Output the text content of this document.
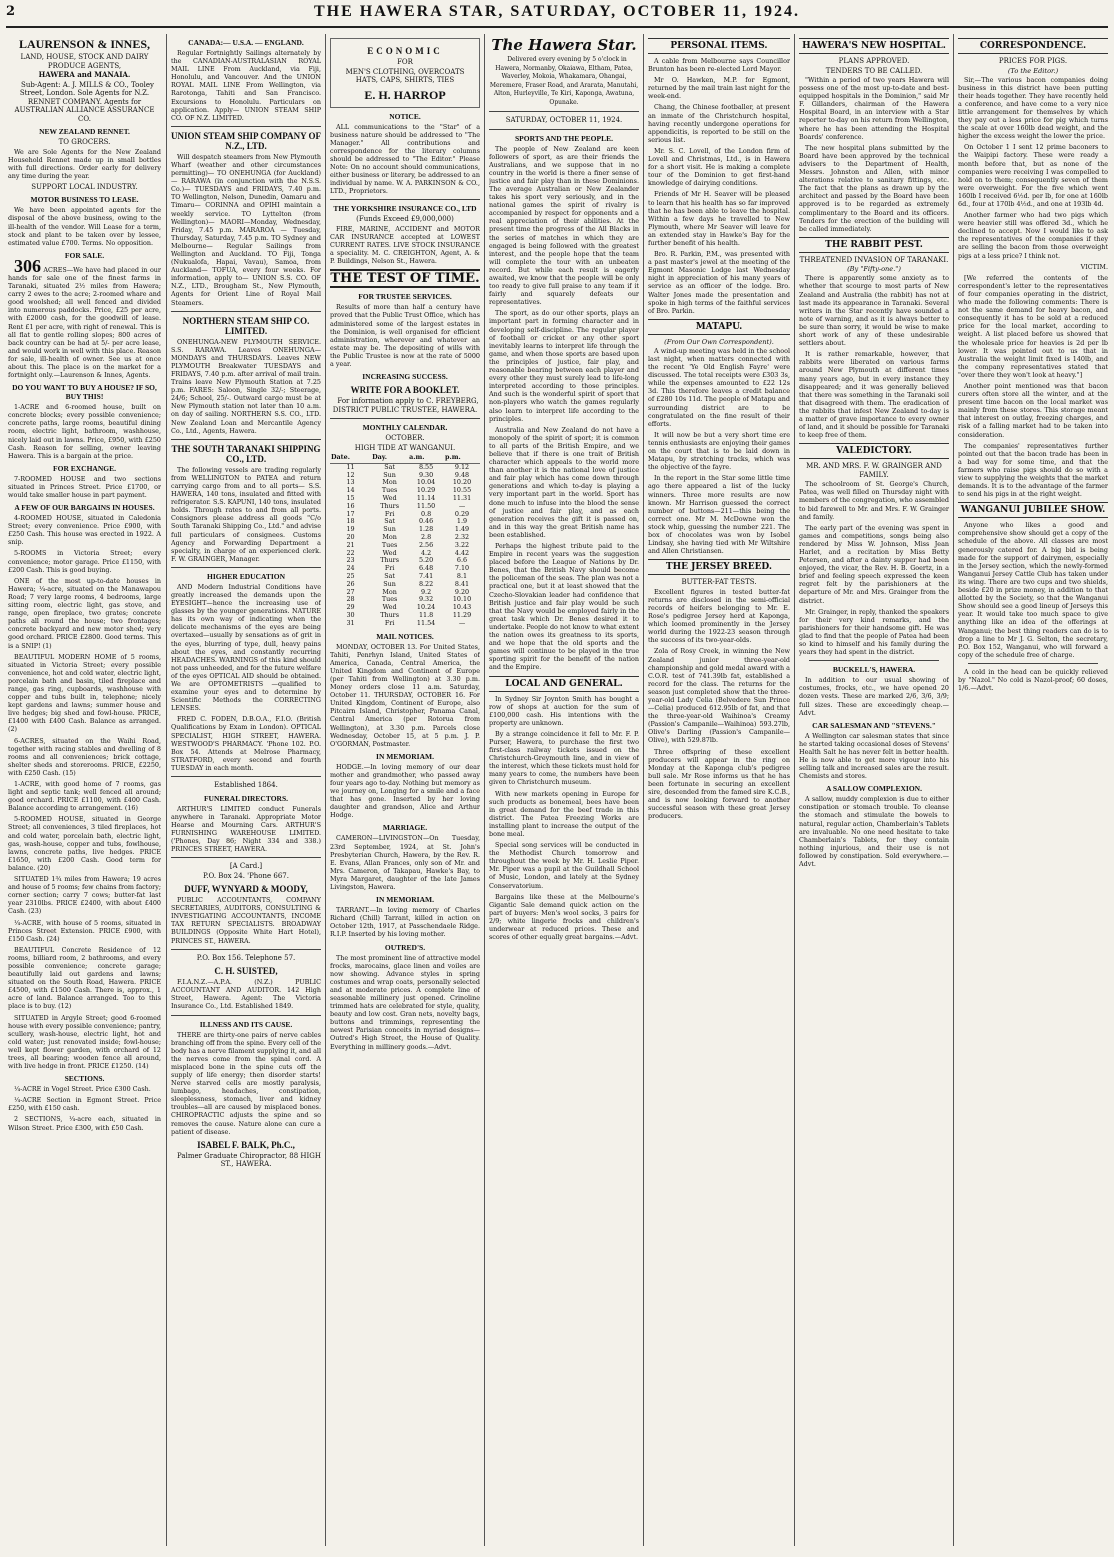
2	THE HAWERA STAR, SATURDAY, OCTOBER 11, 1924.
LAURENSON & INNES,
LAND, HOUSE, STOCK AND DAIRY PRODUCE AGENTS,
HAWERA and MANAIA.

Sub-Agent: A. J. MILLS & CO., Tooley Street, London. Sole Agents for N.Z. RENNET COMPANY. Agents for AUSTRALIAN ALLIANCE ASSURANCE CO.

NEW ZEALAND RENNET.
TO GROCERS.

We are Sole Agents for the New Zealand Household Rennet made up in small bottles with full directions. Order early for delivery any time during the year.

SUPPORT LOCAL INDUSTRY.
MOTOR BUSINESS TO LEASE.

We have been appointed agents for the disposal of the above business, owing to the ill-health of the vendor. Will Lease for a term, stock and plant to be taken over by lessee, estimated value £700. Terms. No opposition.

FOR SALE.

306 ACRES—We have had placed in our hands for sale one of the finest farms in Taranaki, situated 2½ miles from Hawera; carry 2 ewes to the acre; 2-roomed whare and good woolshed; all well fenced and divided into numerous paddocks. Price, £25 per acre, with £2000 cash, for the goodwill of lease. Rent £1 per acre, with right of renewal. This is all flat to gentle rolling slopes; 800 acres of back country can be had at 5/- per acre lease, and would work in well with this place. Reason for sale, ill-health of owner. See us at once about this. The place is on the market for a fortnight only.—Laurenson & Innes, Agents.

DO YOU WANT TO BUY A HOUSE? IF SO, BUY THIS!

1-ACRE and 6-roomed house, built on concrete blocks; every possible convenience; concrete paths, large rooms, beautiful dining room, electric light, bathroom, washhouse, nicely laid out in lawns. Price, £950, with £250 Cash. Reason for selling, owner leaving Hawera. This is a bargain at the price.

FOR EXCHANGE.

7-ROOMED HOUSE and two sections situated in Princes Street. Price £1700, or would take smaller house in part payment.

A FEW OF OUR BARGAINS IN HOUSES.

4-ROOMED HOUSE, situated in Caledonia Street; every convenience. Price £900, with £250 Cash. This house was erected in 1922. A snip.

5-ROOMS in Victoria Street; every convenience; motor garage. Price £1150, with £200 Cash. This is good buying.

ONE of the most up-to-date houses in Hawera; ¼-acre, situated on the Manawapou Road; 7 very large rooms, 4 bedrooms, large sitting room, electric light, gas stove, and range, open fireplace, two grates; concrete paths all round the house; two frontages; concrete backyard and new motor shed; very good orchard. PRICE £2800. Good terms. This is a SNIP! (1)

BEAUTIFUL MODERN HOME of 5 rooms, situated in Victoria Street; every possible convenience, hot and cold water, electric light, porcelain bath and basin, tiled fireplace and range, gas ring, cupboards, washhouse with copper and tubs built in, telephone; nicely kept gardens and lawns; summer house and live hedges; big shed and fowl-house. PRICE, £1400 with £400 Cash. Balance as arranged. (2)

6-ACRES, situated on the Waihi Road, together with racing stables and dwelling of 8 rooms and all conveniences; brick cottage, shelter sheds and storerooms. PRICE, £2250, with £250 Cash. (15)

1-ACRE, with good home of 7 rooms, gas light and septic tank; well fenced all around; good orchard. PRICE £1100, with £400 Cash. Balance according to arrangement. (16)

5-ROOMED HOUSE, situated in George Street; all conveniences, 3 tiled fireplaces, hot and cold water, porcelain bath, electric light, gas, wash-house, copper and tubs, fowlhouse, lawns, concrete paths, live hedges. PRICE £1650, with £200 Cash. Good term for balance. (20)

SITUATED 1¾ miles from Hawera; 19 acres and house of 5 rooms; few chains from factory; corner section; carry 7 cows; butter-fat last year 2310lbs. PRICE £2400, with about £400 Cash. (23)

¼-ACRE, with house of 5 rooms, situated in Princes Street Extension. PRICE £900, with £150 Cash. (24)

BEAUTIFUL Concrete Residence of 12 rooms, billiard room, 2 bathrooms, and every possible convenience; concrete garage; beautifully laid out gardens and lawns; situated on the South Road, Hawera. PRICE £4500, with £1500 Cash. There is, approx., 1 acre of land. Balance arranged. Too to this place is to buy. (12)

SITUATED in Argyle Street; good 6-roomed house with every possible convenience; pantry, scullery, wash-house, electric light, hot and cold water; just renovated inside; fowl-house; well kept flower garden, with orchard of 12 trees, all bearing; wooden fence all around, with live hedge in front. PRICE £1250. (14)

SECTIONS.

¼-ACRE in Vogel Street. Price £300 Cash.

¼-ACRE Section in Egmont Street. Price £250, with £150 cash.

2 SECTIONS, ¼-acre each, situated in Wilson Street. Price £300, with £50 Cash.

CANADA:— U.S.A. — ENGLAND.

Regular Fortnightly Sailings alternately by the CANADIAN-AUSTRALASIAN ROYAL MAIL LINE From Auckland, via Fiji, Honolulu, and Vancouver. And the UNION ROYAL MAIL LINE From Wellington, via Rarotonga, Tahiti and San Francisco. Excursions to Honolulu. Particulars on application. Apply— UNION STEAM SHIP CO. OF N.Z. LIMITED.

UNION STEAM SHIP COMPANY OF N.Z., LTD.

Will despatch steamers from New Plymouth Wharf (weather and other circumstances permitting)— TO ONEHUNGA (for Auckland)— RARAWA (in conjunction with the N.S.S. Co.)— TUESDAYS and FRIDAYS, 7.40 p.m. TO Wellington, Nelson, Dunedin, Oamaru and Timaru— CORINNA and OPIHI maintain a weekly service. TO Lyttelton (from Wellington)— MAORI—Monday, Wednesday, Friday, 7.45 p.m. MARAROA — Tuesday, Thursday, Saturday, 7.45 p.m. TO Sydney and Melbourne— Regular Sailings from Wellington and Auckland. TO Fiji, Tonga (Nukualofa, Hapai, Vavau), Samoa, from Auckland— TOFUA, every four weeks. For information, apply to— UNION S.S. CO. OF N.Z., LTD., Brougham St., New Plymouth, Agents for Orient Line of Royal Mail Steamers.

NORTHERN STEAM SHIP CO. LIMITED.

ONEHUNGA-NEW PLYMOUTH SERVICE. S.S. RARAWA. Leaves ONEHUNGA— MONDAYS and THURSDAYS. Leaves NEW PLYMOUTH Breakwater TUESDAYS and FRIDAYS, 7.40 p.m. after arrival of mail train. Trains leave New Plymouth Station at 7.25 p.m. FARES: Saloon, Single 32/-; Steerage, 24/6; School, 25/-. Outward cargo must be at New Plymouth station not later than 10 a.m. on day of sailing. NORTHERN S.S. CO., LTD. New Zealand Loan and Mercantile Agency Co., Ltd., Agents, Hawera.

THE SOUTH TARANAKI SHIPPING CO., LTD.

The following vessels are trading regularly from WELLINGTON to PATEA and return carrying cargo from and to all ports— S.S. HAWERA, 140 tons, insulated and fitted with refrigerator. S.S. KAPUNI, 140 tons, insulated holds. Through rates to and from all ports. Consignors please address all goods "C/o South Taranaki Shipping Co., Ltd." and advise full particulars of consignees. Customs Agency and Forwarding Department a specialty, in charge of an experienced clerk. F. W. GRAINGER, Manager.

HIGHER EDUCATION

AND Modern Industrial Conditions have greatly increased the demands upon the EYESIGHT—hence the increasing use of glasses by the younger generations. NATURE has its own way of indicating when the delicate mechanisms of the eyes are being overtaxed—usually by sensations as of grit in the eyes, blurring of type, dull, heavy pains about the eyes, and constantly recurring HEADACHES. WARNINGS of this kind should not pass unheeded, and for the future welfare of the eyes OPTICAL AID should be obtained. We are OPTOMETRISTS —qualified to examine your eyes and to determine by Scientific Methods the CORRECTING LENSES.

FRED C. FODEN, D.B.O.A., F.I.O. (British Qualifications by Exam in London). OPTICAL SPECIALIST, HIGH STREET, HAWERA. WESTWOOD'S PHARMACY. 'Phone 102. P.O. Box 54. Attends at Melrose Pharmacy, STRATFORD, every second and fourth TUESDAY in each month.

Established 1864.
FUNERAL DIRECTORS.

ARTHUR'S LIMITED conduct Funerals anywhere in Taranaki. Appropriate Motor Hearse and Mourning Cars. ARTHUR'S FURNISHING WAREHOUSE LIMITED. ('Phones, Day 86; Night 334 and 338.) PRINCES STREET, HAWERA.

[A Card.]
P.O. Box 24. 'Phone 667.
DUFF, WYNYARD & MOODY,

PUBLIC ACCOUNTANTS, COMPANY SECRETARIES, AUDITORS, CONSULTING & INVESTIGATING ACCOUNTANTS, INCOME TAX RETURN SPECIALISTS. BROADWAY BUILDINGS (Opposite White Hart Hotel), PRINCES ST., HAWERA.

P.O. Box 156. Telephone 57.
C. H. SUISTED,

F.I.A.N.Z.—A.P.A. (N.Z.) PUBLIC ACCOUNTANT AND AUDITOR. 142 High Street, Hawera. Agent: The Victoria Insurance Co., Ltd. Established 1849.

ILLNESS AND ITS CAUSE.

THERE are thirty-one pairs of nerve cables branching off from the spine. Every cell of the body has a nerve filament supplying it, and all the nerves come from the spinal cord. A misplaced bone in the spine cuts off the supply of life energy; then disorder starts! Nerve starved cells are mostly paralysis, lumbago, headaches, constipation, sleeplessness, stomach, liver and kidney troubles—all are caused by misplaced bones. CHIROPRACTIC adjusts the spine and so removes the cause. Nature alone can cure a patient of disease.

ISABEL F. BALK, Ph.C.,

Palmer Graduate Chiropractor, 88 HIGH ST., HAWERA.

ECONOMIC
FOR
MEN'S CLOTHING, OVERCOATS HATS, CAPS, SHIRTS, TIES
E. H. HARROP
NOTICE.

ALL communications to the "Star" of a business nature should be addressed to "The Manager." All contributions and correspondence for the literary columns should be addressed to "The Editor." Please Note: On no account should communications, either business or literary, be addressed to an individual by name. W. A. PARKINSON & CO., LTD., Proprietors.

THE YORKSHIRE INSURANCE CO., LTD
(Funds Exceed £9,000,000)

FIRE, MARINE, ACCIDENT and MOTOR CAR INSURANCE accepted at LOWEST CURRENT RATES. LIVE STOCK INSURANCE a speciality. M. C. CREIGHTON, Agent, A. & P. Buildings, Nelson St., Hawera.

THE TEST OF TIME.
FOR TRUSTEE SERVICES.

Results of more than half a century have proved that the Public Trust Office, which has administered some of the largest estates in the Dominion, is well organised for efficient administration, wherever and whatever an estate may be. The depositing of wills with the Public Trustee is now at the rate of 5000 a year.

INCREASING SUCCESS.
WRITE FOR A BOOKLET.

For information apply to C. FREYBERG, DISTRICT PUBLIC TRUSTEE, HAWERA.

MONTHLY CALENDAR.
OCTOBER.
HIGH TIDE AT WANGANUI.
Date.	Day.	a.m.	p.m.
11	Sat	8.55	9.12
12	Sun	9.30	9.48
13	Mon	10.04	10.20
14	Tues	10.29	10.55
15	Wed	11.14	11.31
16	Thurs	11.50	—
17	Fri	0.8	0.29
18	Sat	0.46	1.9
19	Sun	1.28	1.49
20	Mon	2.8	2.32
21	Tues	2.56	3.22
22	Wed	4.2	4.42
23	Thurs	5.20	6.6
24	Fri	6.48	7.10
25	Sat	7.41	8.1
26	Sun	8.22	8.41
27	Mon	9.2	9.20
28	Tues	9.32	10.10
29	Wed	10.24	10.43
30	Thurs	11.8	11.29
31	Fri	11.54	—
MAIL NOTICES.

MONDAY, OCTOBER 13. For United States, Tahiti, Penrhyn Island, United States of America, Canada, Central America, the United Kingdom and Continent of Europe (per Tahiti from Wellington) at 3.30 p.m. Money orders close 11 a.m. Saturday, October 11. THURSDAY, OCTOBER 16. For United Kingdom, Continent of Europe, also Pitcairn Island, Christopher, Panama Canal, Central America (per Rotorua from Wellington), at 3.30 p.m. Parcels close Wednesday, October 15, at 5 p.m. J. P. O'GORMAN, Postmaster.

IN MEMORIAM.

HODGE.—In loving memory of our dear mother and grandmother, who passed away four years ago to-day. Nothing but memory as we journey on, Longing for a smile and a face that has gone. Inserted by her loving daughter and grandson, Alice and Arthur Hodge.

MARRIAGE.

CAMERON—LIVINGSTON—On Tuesday, 23rd September, 1924, at St. John's Presbyterian Church, Hawera, by the Rev. R. E. Evans, Allan Frances, only son of Mr. and Mrs. Cameron, of Takapau, Hawke's Bay, to Myra Margaret, daughter of the late James Livingston, Hawera.

IN MEMORIAM.

TARRANT.—In loving memory of Charles Richard (Chill) Tarrant, killed in action on October 12th, 1917, at Passchendaele Ridge. R.I.P. Inserted by his loving mother.

OUTRED'S.

The most prominent line of attractive model frocks, marocains, glace linen and voiles are now showing. Advance styles in spring costumes and wrap coats, personally selected and at moderate prices. A complete line of seasonable millinery just opened. Crinoline trimmed hats are celebrated for style, quality, beauty and low cost. Gran nets, novelty bags, buttons and trimmings, representing the newest Parisian conceits in myriad designs—Outred's High Street, the House of Quality. Everything in millinery goods.—Advt.

The Hawera Star.

Delivered every evening by 5 o'clock in Hawera, Normanby, Okaiawa, Eltham, Patea, Waverley, Mokoia, Whakamara, Ohangai, Meremere, Fraser Road, and Ararata, Manutahi, Alton, Hurleyville, Te Kiri, Kaponga, Awatuna, Opunake.

SATURDAY, OCTOBER 11, 1924.
SPORTS AND THE PEOPLE.

The people of New Zealand are keen followers of sport, as are their friends the Australians, and we suppose that in no country in the world is there a finer sense of justice and fair play than in these Dominions. The average Australian or New Zealander takes his sport very seriously, and in the national games the spirit of rivalry is accompanied by respect for opponents and a real appreciation of their abilities. At the present time the progress of the All Blacks in the series of matches in which they are engaged is being followed with the greatest interest, and the people hope that the team will complete the tour with an unbeaten record. But while each result is eagerly awaited, we know that the people will be only too ready to give full praise to any team if it fairly and squarely defeats our representatives.

The sport, as do our other sports, plays an important part in forming character and in developing self-discipline. The regular player of football or cricket or any other sport inevitably learns to interpret life through the game, and when those sports are based upon the principles of justice, fair play, and reasonable bearing between each player and every other they must surely lead to life-long interpreted according to those principles. And such is the wonderful spirit of sport that non-players who watch the games regularly also learn to interpret life according to the principles.

Australia and New Zealand do not have a monopoly of the spirit of sport; it is common to all parts of the British Empire, and we believe that if there is one trait of British character which appeals to the world more than another it is the national love of justice and fair play which has come down through generations and which to-day is playing a very important part in the world. Sport has done much to infuse into the blood the sense of justice and fair play, and as each generation receives the gift it is passed on, and in this way the great British name has been established.

Perhaps the highest tribute paid to the Empire in recent years was the suggestion placed before the League of Nations by Dr. Benes, that the British Navy should become the policeman of the seas. The plan was not a practical one, but it at least showed that the Czecho-Slovakian leader had confidence that British justice and fair play would be such that the Navy would be employed fairly in the great task which Dr. Benes desired it to undertake. People do not know to what extent the nation owes its greatness to its sports, and we hope that the old sports and the games will continue to be played in the true sporting spirit for the benefit of the nation and the Empire.

LOCAL AND GENERAL.

In Sydney Sir Joynton Smith has bought a row of shops at auction for the sum of £100,000 cash. His intentions with the property are unknown.

By a strange coincidence it fell to Mr. F. P. Purser, Hawera, to purchase the first two first-class railway tickets issued on the Christchurch-Greymouth line, and in view of the interest, which these tickets must hold for many years to come, the numbers have been given to Christchurch museum.

With new markets opening in Europe for such products as bonemeal, bees have been in great demand for the beef trade in this district. The Patea Freezing Works are installing plant to increase the output of the bone meal.

Special song services will be conducted in the Methodist Church tomorrow and throughout the week by Mr. H. Leslie Piper. Mr. Piper was a pupil at the Guildhall School of Music, London, and lately at the Sydney Conservatorium.

Bargains like these at the Melbourne's Gigantic Sale demand quick action on the part of buyers: Men's wool socks, 3 pairs for 2/9; white lingerie frocks and children's underwear at reduced prices. These and scores of other equally great bargains.—Advt.

PERSONAL ITEMS.

A cable from Melbourne says Councillor Brunton has been re-elected Lord Mayor.

Mr O. Hawken, M.P. for Egmont, returned by the mail train last night for the week-end.

Chang, the Chinese footballer, at present an inmate of the Christchurch hospital, having recently undergone operations for appendicitis, is reported to be still on the serious list.

Mr. S. C. Lovell, of the London firm of Lovell and Christmas, Ltd., is in Hawera for a short visit. He is making a complete tour of the Dominion to get first-hand knowledge of dairying conditions.

Friends of Mr H. Seaver will be pleased to learn that his health has so far improved that he has been able to leave the hospital. Within a few days he travelled to New Plymouth, where Mr Seaver will leave for an extended stay in Hawke's Bay for the further benefit of his health.

Bro. R. Parkin, P.M., was presented with a past master's jewel at the meeting of the Egmont Masonic Lodge last Wednesday night in appreciation of his many years of service as an officer of the lodge. Bro. Walter Jones made the presentation and spoke in high terms of the faithful services of Bro. Parkin.

MATAPU.
(From Our Own Correspondent).

A wind-up meeting was held in the school last night, when matters connected with the recent 'Ye Old English Fayre' were discussed. The total receipts were £303 3s, while the expenses amounted to £22 12s 3d. This therefore leaves a credit balance of £280 10s 11d. The people of Matapu and surrounding district are to be congratulated on the fine result of their efforts.

It will now be but a very short time ere tennis enthusiasts are enjoying their games on the court that is to be laid down in Matapu, by stretching tracks, which was the objective of the fayre.

In the report in the Star some little time ago there appeared a list of the lucky winners. Three more results are now known. Mr Harrison guessed the correct number of buttons—211—this being the correct one. Mr M. McDowne won the stock whip, guessing the number 221. The box of chocolates was won by Isobel Lindsay, she having tied with Mr Wiltshire and Allen Christiansen.

THE JERSEY BREED.
BUTTER-FAT TESTS.

Excellent figures in tested butter-fat returns are disclosed in the semi-official records of heifers belonging to Mr. E. Rose's pedigree Jersey herd at Kaponga, which loomed prominently in the Jersey world during the 1922-23 season through the success of its two-year-olds.

Zola of Rosy Creek, in winning the New Zealand junior three-year-old championship and gold medal award with a C.O.R. test of 741.39lb fat, established a record for the class. The returns for the season just completed show that the three-year-old Lady Celia (Belvedere Sun Prince—Celia) produced 612.95lb of fat, and that the three-year-old Waihinoa's Creamy (Passion's Campanile—Waihinoa) 593.27lb, Olive's Darling (Passion's Campanile—Olive), with 529.87lb.

Three offspring of these excellent producers will appear in the ring on Monday at the Kaponga club's pedigree bull sale. Mr Rose informs us that he has been fortunate in securing an excellent sire, descended from the famed sire K.C.B., and is now looking forward to another successful season with these great Jersey producers.

HAWERA'S NEW HOSPITAL.
PLANS APPROVED.
TENDERS TO BE CALLED.

"Within a period of two years Hawera will possess one of the most up-to-date and best-equipped hospitals in the Dominion," said Mr F. Gillanders, chairman of the Hawera Hospital Board, in an interview with a Star reporter to-day on his return from Wellington, where he has been attending the Hospital Boards' conference.

The new hospital plans submitted by the Board have been approved by the technical advisers to the Department of Health, Messrs. Johnston and Allen, with minor alterations relative to sanitary fittings, etc. The fact that the plans as drawn up by the architect and passed by the Board have been approved is to be regarded as extremely complimentary to the Board and its officers. Tenders for the erection of the building will be called immediately.

THE RABBIT PEST.
THREATENED INVASION OF TARANAKI.
(By "Fifty-one.")

There is apparently some anxiety as to whether that scourge to most parts of New Zealand and Australia (the rabbit) has not at last made its appearance in Taranaki. Several writers in the Star recently have sounded a note of warning, and as it is always better to be sure than sorry, it would be wise to make short work of any of these undesirable settlers about.

It is rather remarkable, however, that rabbits were liberated on various farms around New Plymouth at different times many years ago, but in every instance they disappeared; and it was generally believed that there was something in the Taranaki soil that disagreed with them. The eradication of the rabbits that infest New Zealand to-day is a matter of grave importance to every owner of land, and it should be possible for Taranaki to keep free of them.

VALEDICTORY.
MR. AND MRS. F. W. GRAINGER AND FAMILY.

The schoolroom of St. George's Church, Patea, was well filled on Thursday night with members of the congregation, who assembled to bid farewell to Mr. and Mrs. F. W. Grainger and family.

The early part of the evening was spent in games and competitions, songs being also rendered by Miss W. Johnson, Miss Jean Harlet, and a recitation by Miss Betty Petersen, and after a dainty supper had been enjoyed, the vicar, the Rev. H. B. Goertz, in a brief and feeling speech expressed the keen regret felt by the parishioners at the departure of Mr. and Mrs. Grainger from the district.

Mr. Grainger, in reply, thanked the speakers for their very kind remarks, and the parishioners for their handsome gift. He was glad to find that the people of Patea had been so kind to himself and his family during the years they had spent in the district.

BUCKELL'S, HAWERA.

In addition to our usual showing of costumes, frocks, etc., we have opened 20 dozen vests. These are marked 2/6, 3/6, 3/9; full sizes. These are exceedingly cheap.—Advt.

CAR SALESMAN AND "STEVENS."

A Wellington car salesman states that since he started taking occasional doses of Stevens' Health Salt he has never felt in better health. He is now able to get more vigour into his selling talk and increased sales are the result. Chemists and stores.

A SALLOW COMPLEXION.

A sallow, muddy complexion is due to either constipation or stomach trouble. To cleanse the stomach and stimulate the bowels to natural, regular action, Chamberlain's Tablets are invaluable. No one need hesitate to take Chamberlain's Tablets, for they contain nothing injurious, and their use is not followed by constipation. Sold everywhere.—Advt.

CORRESPONDENCE.
PRICES FOR PIGS.
(To the Editor.)

Sir,—The various bacon companies doing business in this district have been putting their heads together. They have recently held a conference, and have come to a very nice little arrangement for themselves by which they pay out a less price for pig which turns the scale at over 160lb dead weight, and the higher the excess weight the lower the price.

On October 1 I sent 12 prime baconers to the Waipipi factory. These were ready a month before that, but as none of the companies were receiving I was compelled to hold on to them; consequently seven of them were overweight. For the five which went 160lb I received 6½d. per lb, for one at 160lb 6d., four at 170lb 4½d., and one at 193lb 4d.

Another farmer who had two pigs which were heavier still was offered 3d., which he declined to accept. Now I would like to ask the representatives of the companies if they are selling the bacon from those overweight pigs at a less price? I think not.

VICTIM.

[We referred the contents of the correspondent's letter to the representatives of four companies operating in the district, who made the following comments: There is not the same demand for heavy bacon, and consequently it has to be sold at a reduced price for the local market, according to weight. A list placed before us showed that the wholesale price for heavies is 2d per lb lower. It was pointed out to us that in Australia the weight limit fixed is 140lb, and the company representatives stated that "over there they won't look at heavy."]

Another point mentioned was that bacon curers often store all the winter, and at the present time bacon on the local market was mainly from these stores. This storage meant that interest on outlay, freezing charges, and risk of a falling market had to be taken into consideration.

The companies' representatives further pointed out that the bacon trade has been in a bad way for some time, and that the farmers who raise pigs should do so with a view to supplying the weights that the market demands. It is to the advantage of the farmer to send his pigs in at the right weight.

WANGANUI JUBILEE SHOW.

Anyone who likes a good and comprehensive show should get a copy of the schedule of the above. All classes are most generously catered for. A big bid is being made for the support of dairymen, especially in the Jersey section, which the newly-formed Wanganui Jersey Cattle Club has taken under its wing. There are two cups and two shields, beside £20 in prize money, in addition to that allotted by the Society, so that the Wanganui Show should see a good lineup of Jerseys this year. It would take too much space to give anything like an idea of the offerings at Wanganui; the best thing readers can do is to drop a line to Mr J. G. Selton, the secretary, P.O. Box 152, Wanganui, who will forward a copy of the schedule free of charge.

A cold in the head can be quickly relieved by "Nazol." No cold is Nazol-proof; 60 doses, 1/6.—Advt.
